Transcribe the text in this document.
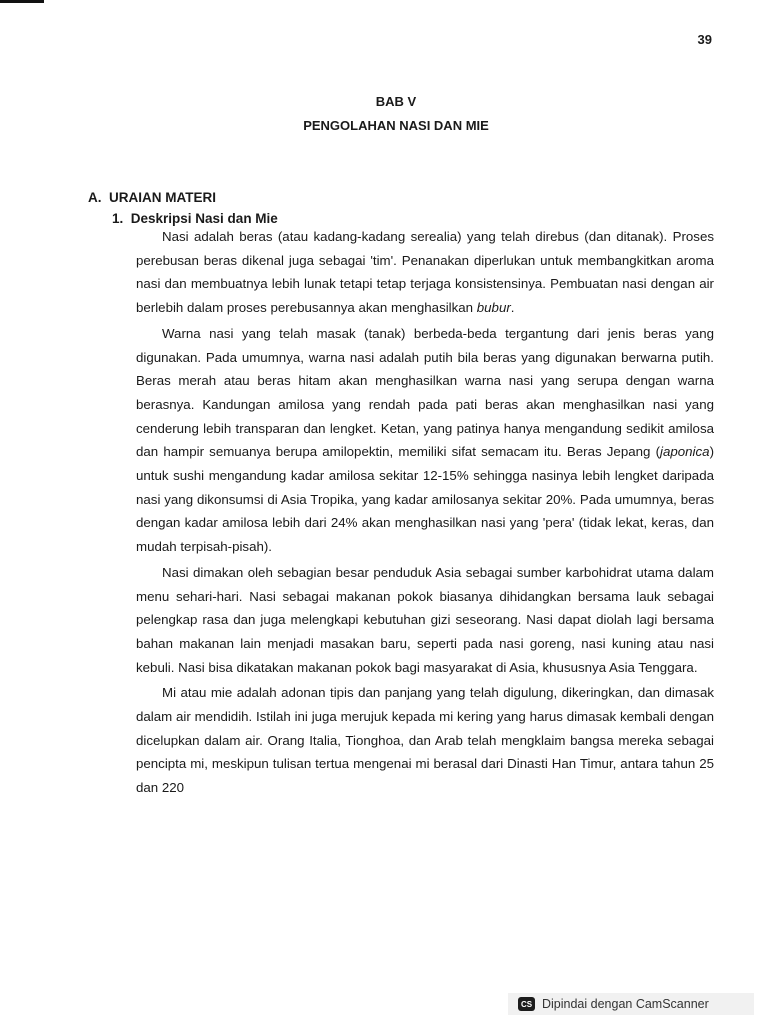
39
BAB V
PENGOLAHAN NASI DAN MIE
A.  URAIAN MATERI
1.  Deskripsi Nasi dan Mie

Nasi adalah beras (atau kadang-kadang serealia) yang telah direbus (dan ditanak). Proses perebusan beras dikenal juga sebagai 'tim'. Penanakan diperlukan untuk membangkitkan aroma nasi dan membuatnya lebih lunak tetapi tetap terjaga konsistensinya. Pembuatan nasi dengan air berlebih dalam proses perebusannya akan menghasilkan bubur.

Warna nasi yang telah masak (tanak) berbeda-beda tergantung dari jenis beras yang digunakan. Pada umumnya, warna nasi adalah putih bila beras yang digunakan berwarna putih. Beras merah atau beras hitam akan menghasilkan warna nasi yang serupa dengan warna berasnya. Kandungan amilosa yang rendah pada pati beras akan menghasilkan nasi yang cenderung lebih transparan dan lengket. Ketan, yang patinya hanya mengandung sedikit amilosa dan hampir semuanya berupa amilopektin, memiliki sifat semacam itu. Beras Jepang (japonica) untuk sushi mengandung kadar amilosa sekitar 12-15% sehingga nasinya lebih lengket daripada nasi yang dikonsumsi di Asia Tropika, yang kadar amilosanya sekitar 20%. Pada umumnya, beras dengan kadar amilosa lebih dari 24% akan menghasilkan nasi yang 'pera' (tidak lekat, keras, dan mudah terpisah-pisah).

Nasi dimakan oleh sebagian besar penduduk Asia sebagai sumber karbohidrat utama dalam menu sehari-hari. Nasi sebagai makanan pokok biasanya dihidangkan bersama lauk sebagai pelengkap rasa dan juga melengkapi kebutuhan gizi seseorang. Nasi dapat diolah lagi bersama bahan makanan lain menjadi masakan baru, seperti pada nasi goreng, nasi kuning atau nasi kebuli. Nasi bisa dikatakan makanan pokok bagi masyarakat di Asia, khususnya Asia Tenggara.

Mi atau mie adalah adonan tipis dan panjang yang telah digulung, dikeringkan, dan dimasak dalam air mendidih. Istilah ini juga merujuk kepada mi kering yang harus dimasak kembali dengan dicelupkan dalam air. Orang Italia, Tionghoa, dan Arab telah mengklaim bangsa mereka sebagai pencipta mi, meskipun tulisan tertua mengenai mi berasal dari Dinasti Han Timur, antara tahun 25 dan 220

CS Dipindai dengan CamScanner
